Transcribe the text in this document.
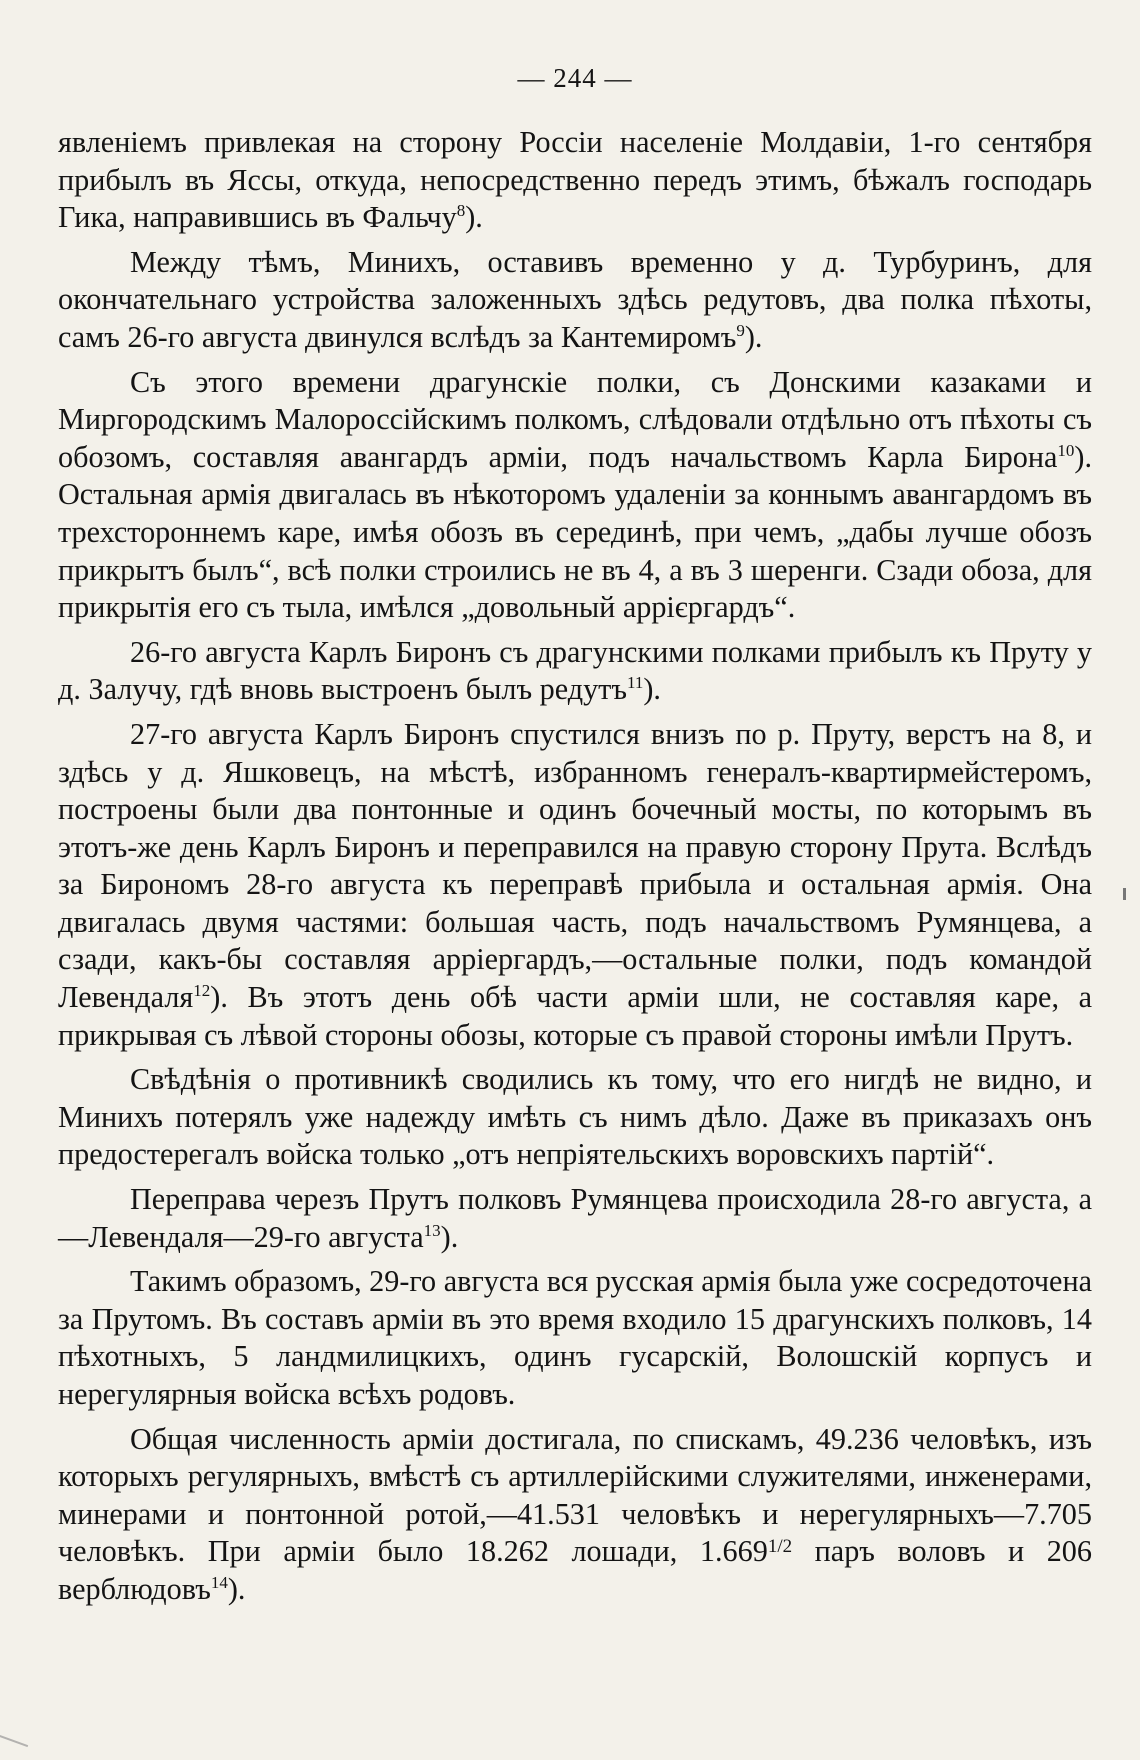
— 244 —

явленіемъ привлекая на сторону Россіи населеніе Молдавіи, 1-го сентября прибылъ въ Яссы, откуда, непосредственно передъ этимъ, бѣжалъ господарь Гика, направившись въ Фальчу$^8$).

Между тѣмъ, Минихъ, оставивъ временно у д. Турбуринъ, для окончательнаго устройства заложенныхъ здѣсь редутовъ, два полка пѣхоты, самъ 26-го августа двинулся вслѣдъ за Кантемиромъ$^9$).

Съ этого времени драгунскіе полки, съ Донскими казаками и Миргородскимъ Малороссійскимъ полкомъ, слѣдовали отдѣльно отъ пѣхоты съ обозомъ, составляя авангардъ арміи, подъ начальствомъ Карла Бирона$^{10}$). Остальная армія двигалась въ нѣкоторомъ удаленіи за коннымъ авангардомъ въ трехстороннемъ каре, имѣя обозъ въ серединѣ, при чемъ, „дабы лучше обозъ прикрытъ былъ“, всѣ полки строились не въ 4, а въ 3 шеренги. Сзади обоза, для прикрытія его съ тыла, имѣлся „довольный аррієргардъ“.

26-го августа Карлъ Биронъ съ драгунскими полками прибылъ къ Пруту у д. Залучу, гдѣ вновь выстроенъ былъ редутъ$^{11}$).

27-го августа Карлъ Биронъ спустился внизъ по р. Пруту, верстъ на 8, и здѣсь у д. Яшковецъ, на мѣстѣ, избранномъ генералъ-квартирмейстеромъ, построены были два понтонные и одинъ бочечный мосты, по которымъ въ этотъ-же день Карлъ Биронъ и переправился на правую сторону Прута. Вслѣдъ за Бирономъ 28-го августа къ переправѣ прибыла и остальная армія. Она двигалась двумя частями: большая часть, подъ начальствомъ Румянцева, а сзади, какъ-бы составляя арріергардъ,—остальные полки, подъ командой Левендаля$^{12}$). Въ этотъ день обѣ части арміи шли, не составляя каре, а прикрывая съ лѣвой стороны обозы, которые съ правой стороны имѣли Прутъ.

Свѣдѣнія о противникѣ сводились къ тому, что его нигдѣ не видно, и Минихъ потерялъ уже надежду имѣть съ нимъ дѣло. Даже въ приказахъ онъ предостерегалъ войска только „отъ непріятельскихъ воровскихъ партій“.

Переправа черезъ Прутъ полковъ Румянцева происходила 28-го августа, а—Левендаля—29-го августа$^{13}$).

Такимъ образомъ, 29-го августа вся русская армія была уже сосредоточена за Прутомъ. Въ составъ арміи въ это время входило 15 драгунскихъ полковъ, 14 пѣхотныхъ, 5 ландмилицкихъ, одинъ гусарскій, Волошскій корпусъ и нерегулярныя войска всѣхъ родовъ.

Общая численность арміи достигала, по спискамъ, 49.236 человѣкъ, изъ которыхъ регулярныхъ, вмѣстѣ съ артиллерійскими служителями, инженерами, минерами и понтонной ротой,—41.531 человѣкъ и нерегулярныхъ—7.705 человѣкъ. При арміи было 18.262 лошади, $1.669^{1/2}$ паръ воловъ и 206 верблюдовъ$^{14}$).
